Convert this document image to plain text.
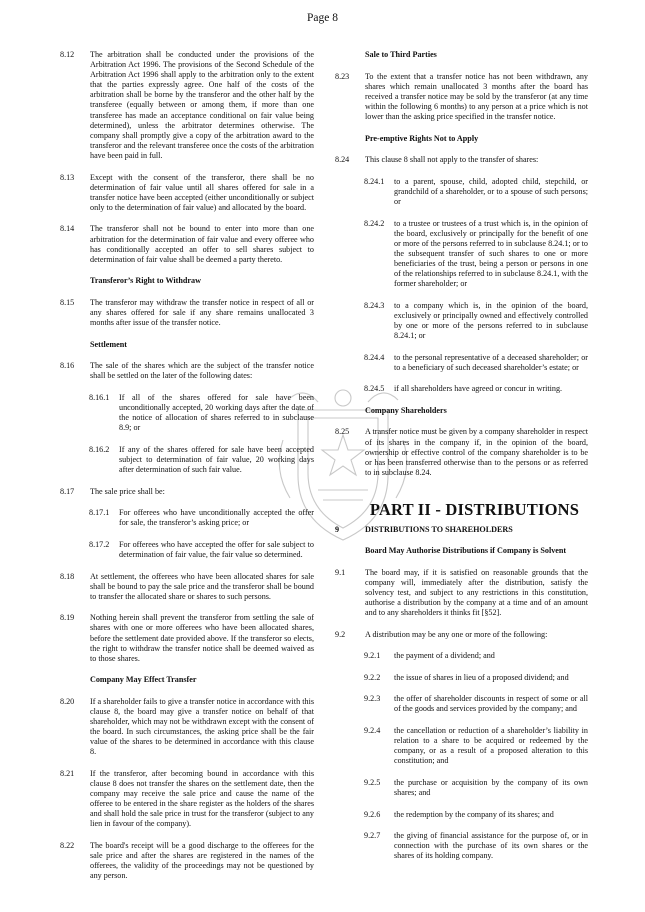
Page 8
8.12 The arbitration shall be conducted under the provisions of the Arbitration Act 1996. The provisions of the Second Schedule of the Arbitration Act 1996 shall apply to the arbitration only to the extent that the parties expressly agree. One half of the costs of the arbitration shall be borne by the transferor and the other half by the transferee (equally between or among them, if more than one transferee has made an acceptance conditional on fair value being determined), unless the arbitrator determines otherwise. The company shall promptly give a copy of the arbitration award to the transferor and the relevant transferee once the costs of the arbitration have been paid in full.
8.13 Except with the consent of the transferor, there shall be no determination of fair value until all shares offered for sale in a transfer notice have been accepted (either unconditionally or subject only to the determination of fair value) and allocated by the board.
8.14 The transferor shall not be bound to enter into more than one arbitration for the determination of fair value and every offeree who has conditionally accepted an offer to sell shares subject to determination of fair value shall be deemed a party thereto.
Transferor’s Right to Withdraw
8.15 The transferor may withdraw the transfer notice in respect of all or any shares offered for sale if any share remains unallocated 3 months after issue of the transfer notice.
Settlement
8.16 The sale of the shares which are the subject of the transfer notice shall be settled on the later of the following dates:
8.16.1 If all of the shares offered for sale have been unconditionally accepted, 20 working days after the date of the notice of allocation of shares referred to in subclause 8.9; or
8.16.2 If any of the shares offered for sale have been accepted subject to determination of fair value, 20 working days after determination of such fair value.
8.17 The sale price shall be:
8.17.1 For offerees who have unconditionally accepted the offer for sale, the transferor’s asking price; or
8.17.2 For offerees who have accepted the offer for sale subject to determination of fair value, the fair value so determined.
8.18 At settlement, the offerees who have been allocated shares for sale shall be bound to pay the sale price and the transferor shall be bound to transfer the allocated share or shares to such persons.
8.19 Nothing herein shall prevent the transferor from settling the sale of shares with one or more offerees who have been allocated shares, before the settlement date provided above. If the transferor so elects, the right to withdraw the transfer notice shall be deemed waived as to those shares.
Company May Effect Transfer
8.20 If a shareholder fails to give a transfer notice in accordance with this clause 8, the board may give a transfer notice on behalf of that shareholder, which may not be withdrawn except with the consent of the board. In such circumstances, the asking price shall be the fair value of the shares to be determined in accordance with this clause 8.
8.21 If the transferor, after becoming bound in accordance with this clause 8 does not transfer the shares on the settlement date, then the company may receive the sale price and cause the name of the offeree to be entered in the share register as the holders of the shares and shall hold the sale price in trust for the transferor (subject to any lien in favour of the company).
8.22 The board's receipt will be a good discharge to the offerees for the sale price and after the shares are registered in the names of the offerees, the validity of the proceedings may not be questioned by any person.
Sale to Third Parties
8.23 To the extent that a transfer notice has not been withdrawn, any shares which remain unallocated 3 months after the board has received a transfer notice may be sold by the transferor (at any time within the following 6 months) to any person at a price which is not lower than the asking price specified in the transfer notice.
Pre-emptive Rights Not to Apply
8.24 This clause 8 shall not apply to the transfer of shares:
8.24.1 to a parent, spouse, child, adopted child, stepchild, or grandchild of a shareholder, or to a spouse of such persons; or
8.24.2 to a trustee or trustees of a trust which is, in the opinion of the board, exclusively or principally for the benefit of one or more of the persons referred to in subclause 8.24.1; or to the subsequent transfer of such shares to one or more beneficiaries of the trust, being a person or persons in one of the relationships referred to in subclause 8.24.1, with the former shareholder; or
8.24.3 to a company which is, in the opinion of the board, exclusively or principally owned and effectively controlled by one or more of the persons referred to in subclause 8.24.1; or
8.24.4 to the personal representative of a deceased shareholder; or to a beneficiary of such deceased shareholder’s estate; or
8.24.5 if all shareholders have agreed or concur in writing.
Company Shareholders
8.25 A transfer notice must be given by a company shareholder in respect of its shares in the company if, in the opinion of the board, ownership or effective control of the company shareholder is to be or has been transferred otherwise than to the persons or as referred to in subclause 8.24.
PART II - DISTRIBUTIONS
9	DISTRIBUTIONS TO SHAREHOLDERS
Board May Authorise Distributions if Company is Solvent
9.1 The board may, if it is satisfied on reasonable grounds that the company will, immediately after the distribution, satisfy the solvency test, and subject to any restrictions in this constitution, authorise a distribution by the company at a time and of an amount and to any shareholders it thinks fit [§52].
9.2 A distribution may be any one or more of the following:
9.2.1 the payment of a dividend; and
9.2.2 the issue of shares in lieu of a proposed dividend; and
9.2.3 the offer of shareholder discounts in respect of some or all of the goods and services provided by the company; and
9.2.4 the cancellation or reduction of a shareholder’s liability in relation to a share to be acquired or redeemed by the company, or as a result of a proposed alteration to this constitution; and
9.2.5 the purchase or acquisition by the company of its own shares; and
9.2.6 the redemption by the company of its shares; and
9.2.7 the giving of financial assistance for the purpose of, or in connection with the purchase of its own shares or the shares of its holding company.
